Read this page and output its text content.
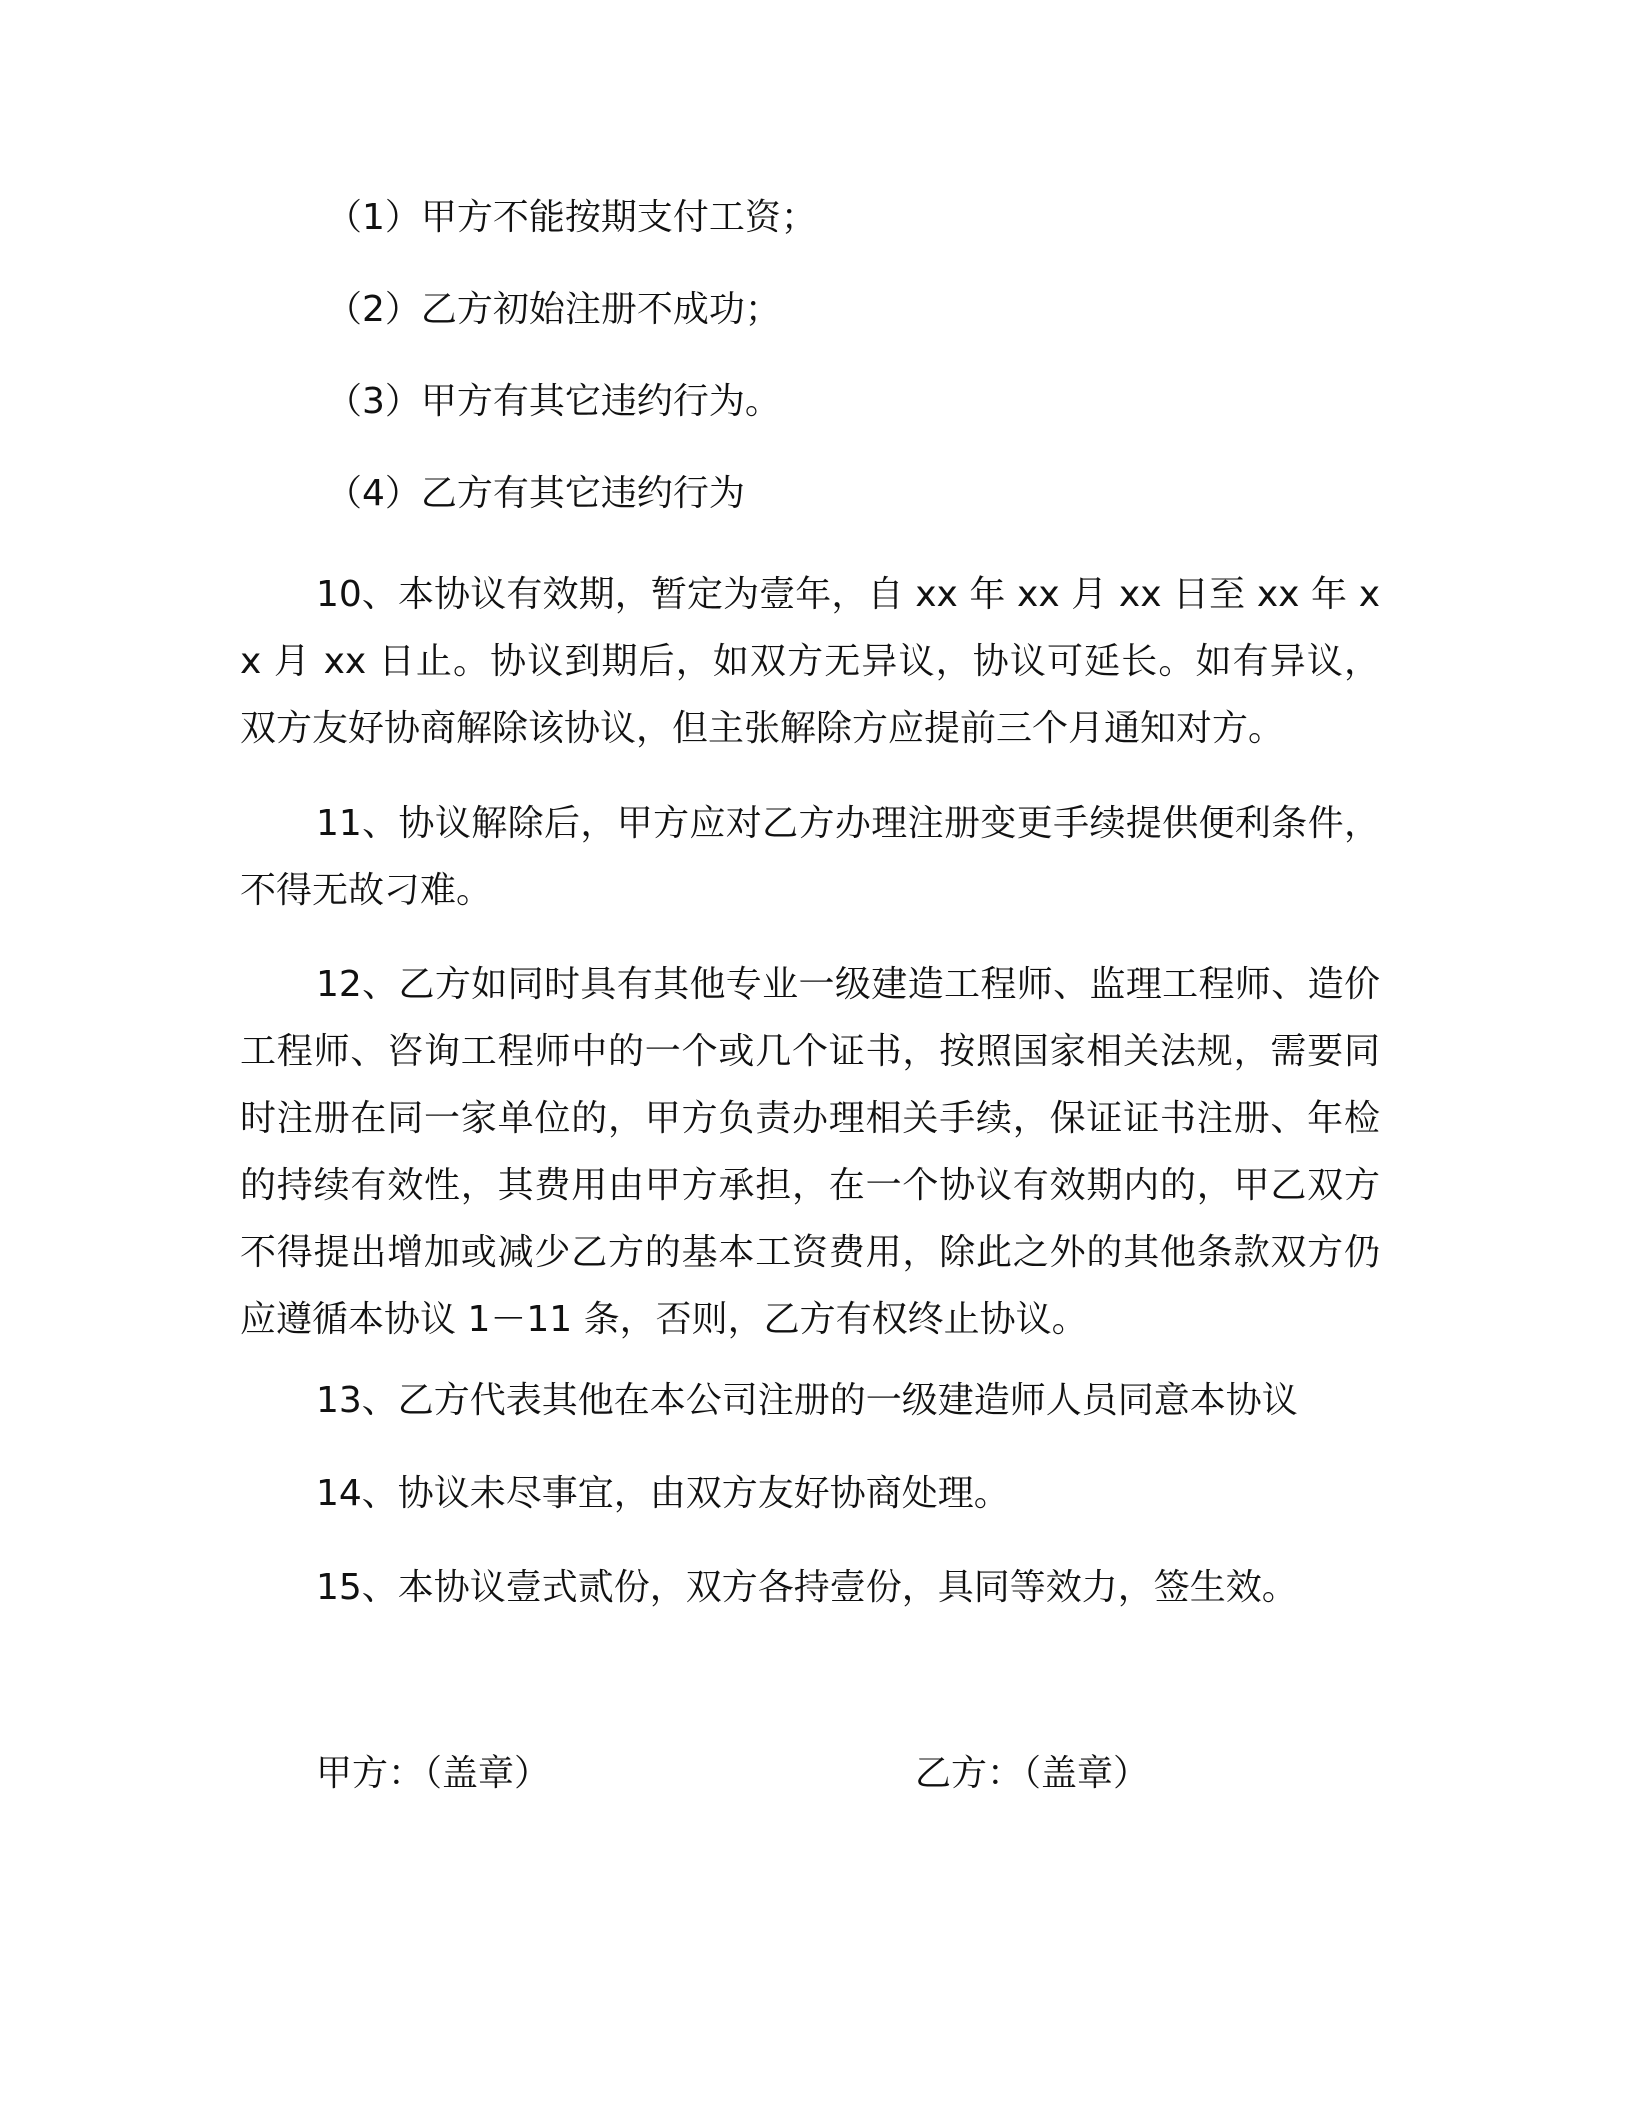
（1）甲方不能按期支付工资；
（2）乙方初始注册不成功；
（3）甲方有其它违约行为。
（4）乙方有其它违约行为
10、本协议有效期，暂定为壹年，自 xx 年 xx 月 xx 日至 xx 年 xx 月 xx 日止。协议到期后，如双方无异议，协议可延长。如有异议，双方友好协商解除该协议，但主张解除方应提前三个月通知对方。
11、协议解除后，甲方应对乙方办理注册变更手续提供便利条件，不得无故刁难。
12、乙方如同时具有其他专业一级建造工程师、监理工程师、造价工程师、咨询工程师中的一个或几个证书，按照国家相关法规，需要同时注册在同一家单位的，甲方负责办理相关手续，保证证书注册、年检的持续有效性，其费用由甲方承担，在一个协议有效期内的，甲乙双方不得提出增加或减少乙方的基本工资费用，除此之外的其他条款双方仍应遵循本协议 1－11 条，否则，乙方有权终止协议。
13、乙方代表其他在本公司注册的一级建造师人员同意本协议
14、协议未尽事宜，由双方友好协商处理。
15、本协议壹式贰份，双方各持壹份，具同等效力，签生效。
甲方：（盖章）	乙方：（盖章）
